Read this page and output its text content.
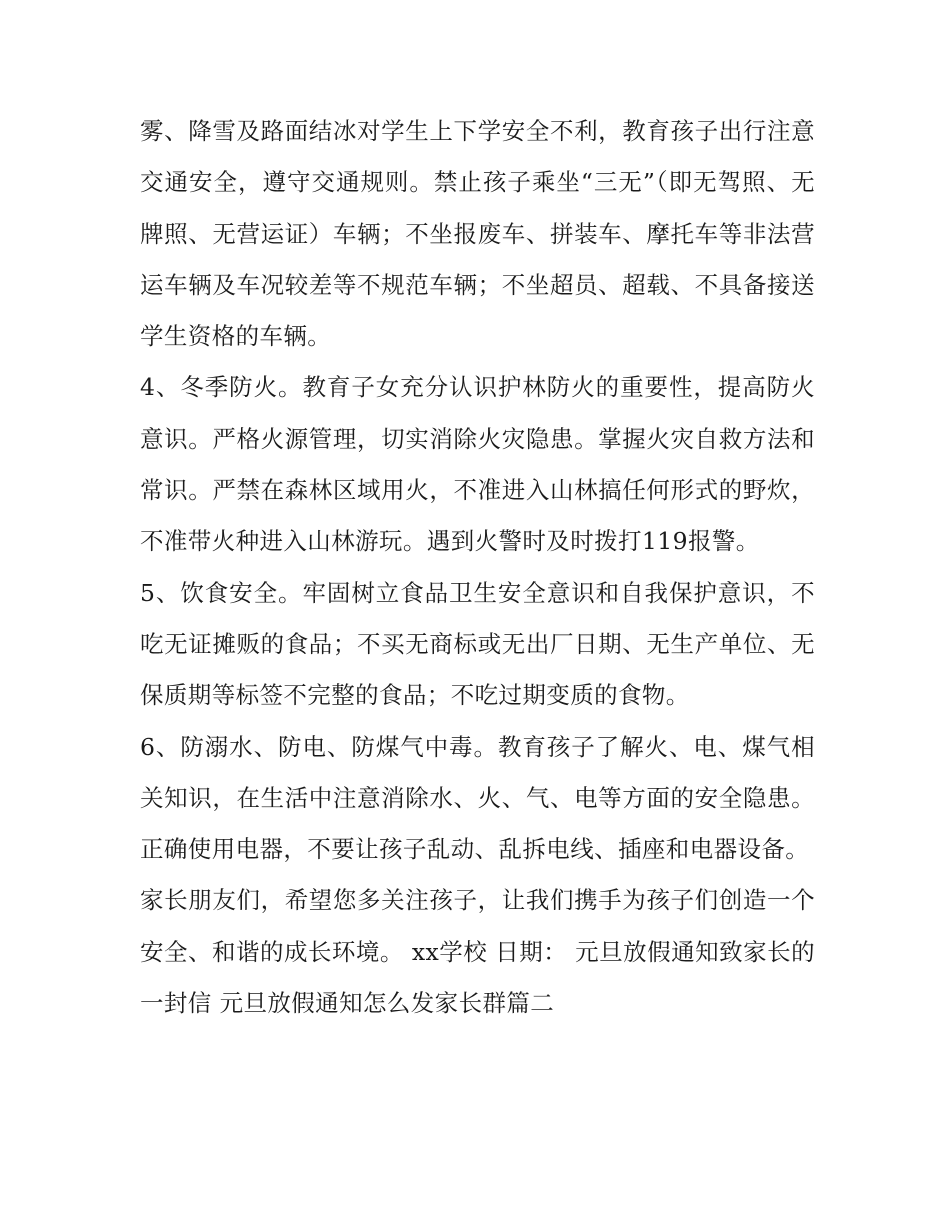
雾、降雪及路面结冰对学生上下学安全不利，教育孩子出行注意交通安全，遵守交通规则。禁止孩子乘坐“三无”（即无驾照、无牌照、无营运证）车辆；不坐报废车、拼装车、摩托车等非法营运车辆及车况较差等不规范车辆；不坐超员、超载、不具备接送学生资格的车辆。

4、冬季防火。教育子女充分认识护林防火的重要性，提高防火意识。严格火源管理，切实消除火灾隐患。掌握火灾自救方法和常识。严禁在森林区域用火，不准进入山林搞任何形式的野炊，不准带火种进入山林游玩。遇到火警时及时拨打119报警。

5、饮食安全。牢固树立食品卫生安全意识和自我保护意识，不吃无证摊贩的食品；不买无商标或无出厂日期、无生产单位、无保质期等标签不完整的食品；不吃过期变质的食物。

6、防溺水、防电、防煤气中毒。教育孩子了解火、电、煤气相关知识，在生活中注意消除水、火、气、电等方面的安全隐患。正确使用电器，不要让孩子乱动、乱拆电线、插座和电器设备。

家长朋友们，希望您多关注孩子，让我们携手为孩子们创造一个安全、和谐的成长环境。 xx学校 日期： 元旦放假通知致家长的一封信 元旦放假通知怎么发家长群篇二
